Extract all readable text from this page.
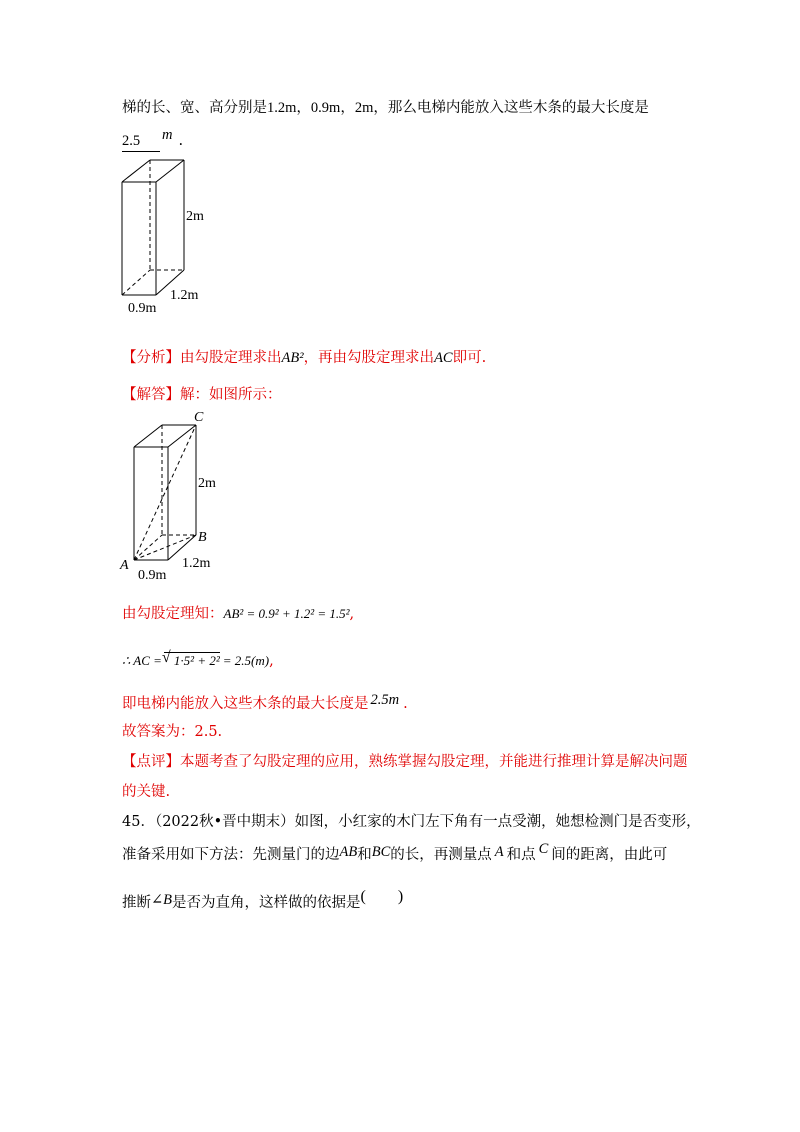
梯的长、宽、高分别是1.2m，0.9m，2m，那么电梯内能放入这些木条的最大长度是
2.5 m .
2m
1.2m
0.9m
【分析】由勾股定理求出AB²，再由勾股定理求出AC即可.
【解答】解：如图所示：
C
B
A
2m
1.2m
0.9m
由勾股定理知：AB² = 0.9² + 1.2² = 1.5²,
∴ AC =√ 1·5² + 2² = 2.5(m),
即电梯内能放入这些木条的最大长度是 2.5m .
故答案为：2.5.
【点评】本题考查了勾股定理的应用，熟练掌握勾股定理，并能进行推理计算是解决问题
的关键.
45．（2022秋•晋中期末）如图，小红家的木门左下角有一点受潮，她想检测门是否变形，
准备采用如下方法：先测量门的边AB和BC的长，再测量点 A 和点 C 间的距离，由此可
推断∠B是否为直角，这样做的依据是(　　)
